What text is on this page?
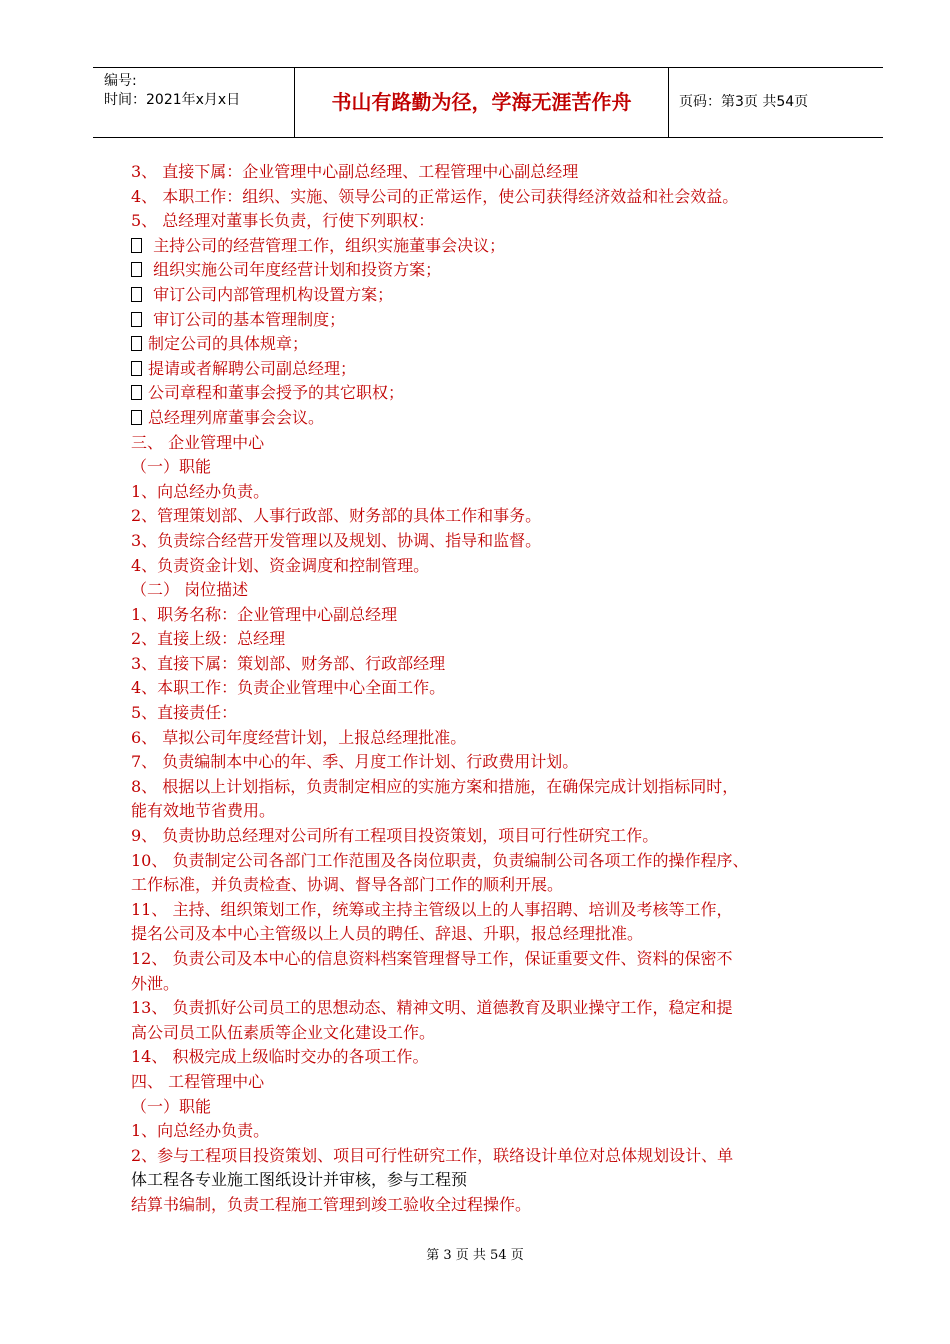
编号:
时间：2021年x月x日	书山有路勤为径，学海无涯苦作舟	页码：第3页 共54页
3、 直接下属：企业管理中心副总经理、工程管理中心副总经理
4、 本职工作：组织、实施、领导公司的正常运作，使公司获得经济效益和社会效益。
5、 总经理对董事长负责，行使下列职权：
主持公司的经营管理工作，组织实施董事会决议；
组织实施公司年度经营计划和投资方案；
审订公司内部管理机构设置方案；
审订公司的基本管理制度；
制定公司的具体规章；
提请或者解聘公司副总经理；
公司章程和董事会授予的其它职权；
总经理列席董事会会议。
三、 企业管理中心
（一）职能
1、向总经办负责。
2、管理策划部、人事行政部、财务部的具体工作和事务。
3、负责综合经营开发管理以及规划、协调、指导和监督。
4、负责资金计划、资金调度和控制管理。
（二） 岗位描述
1、职务名称：企业管理中心副总经理
2、直接上级：总经理
3、直接下属：策划部、财务部、行政部经理
4、本职工作：负责企业管理中心全面工作。
5、直接责任：
6、 草拟公司年度经营计划，上报总经理批准。
7、 负责编制本中心的年、季、月度工作计划、行政费用计划。
8、 根据以上计划指标，负责制定相应的实施方案和措施，在确保完成计划指标同时，
能有效地节省费用。
9、 负责协助总经理对公司所有工程项目投资策划，项目可行性研究工作。
10、 负责制定公司各部门工作范围及各岗位职责，负责编制公司各项工作的操作程序、
工作标准，并负责检查、协调、督导各部门工作的顺利开展。
11、 主持、组织策划工作，统筹或主持主管级以上的人事招聘、培训及考核等工作，
提名公司及本中心主管级以上人员的聘任、辞退、升职，报总经理批准。
12、 负责公司及本中心的信息资料档案管理督导工作，保证重要文件、资料的保密不
外泄。
13、 负责抓好公司员工的思想动态、精神文明、道德教育及职业操守工作，稳定和提
高公司员工队伍素质等企业文化建设工作。
14、 积极完成上级临时交办的各项工作。
四、 工程管理中心
（一）职能
1、向总经办负责。
2、参与工程项目投资策划、项目可行性研究工作，联络设计单位对总体规划设计、单
体工程各专业施工图纸设计并审核，参与工程预
结算书编制，负责工程施工管理到竣工验收全过程操作。
第 3 页 共 54 页
